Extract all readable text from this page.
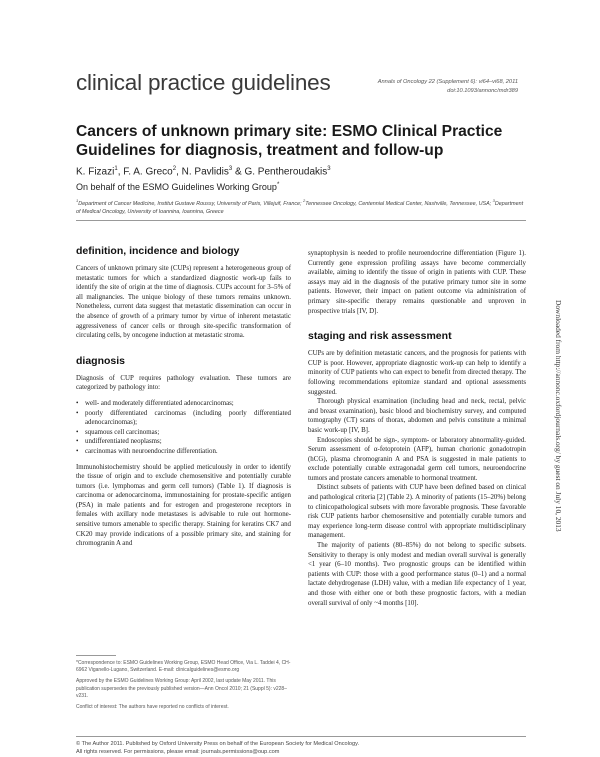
clinical practice guidelines	Annals of Oncology 22 (Supplement 6): vi64–vi68, 2011
doi:10.1093/annonc/mdr389
Cancers of unknown primary site: ESMO Clinical Practice Guidelines for diagnosis, treatment and follow-up
K. Fizazi$^1$, F. A. Greco$^2$, N. Pavlidis$^3$ & G. Pentheroudakis$^3$
On behalf of the ESMO Guidelines Working Group*
$^1$Department of Cancer Medicine, Institut Gustave Roussy, University of Paris, Villejuif, France; $^2$Tennessee Oncology, Centennial Medical Center, Nashville, Tennessee, USA; $^3$Department of Medical Oncology, University of Ioannina, Ioannina, Greece
definition, incidence and biology

Cancers of unknown primary site (CUPs) represent a heterogeneous group of metastatic tumors for which a standardized diagnostic work-up fails to identify the site of origin at the time of diagnosis. CUPs account for 3–5% of all malignancies. The unique biology of these tumors remains unknown. Nonetheless, current data suggest that metastatic dissemination can occur in the absence of growth of a primary tumor by virtue of inherent metastatic aggressiveness of cancer cells or through site-specific transformation of circulating cells, by oncogene induction at metastatic stroma.

diagnosis

Diagnosis of CUP requires pathology evaluation. These tumors are categorized by pathology into:

• well- and moderately differentiated adenocarcinomas;
• poorly differentiated carcinomas (including poorly differentiated adenocarcinomas);
• squamous cell carcinomas;
• undifferentiated neoplasms;
• carcinomas with neuroendocrine differentiation.

Immunohistochemistry should be applied meticulously in order to identify the tissue of origin and to exclude chemosensitive and potentially curable tumors (i.e. lymphomas and germ cell tumors) (Table 1). If diagnosis is carcinoma or adenocarcinoma, immunostaining for prostate-specific antigen (PSA) in male patients and for estrogen and progesterone receptors in females with axillary node metastases is advisable to rule out hormone-sensitive tumors amenable to specific therapy. Staining for keratins CK7 and CK20 may provide indications of a possible primary site, and staining for chromogranin A and

*Correspondence to: ESMO Guidelines Working Group, ESMO Head Office, Via L. Taddei 4, CH-6962 Viganello-Lugano, Switzerland. E-mail: clinicalguidelines@esmo.org

Approved by the ESMO Guidelines Working Group: April 2002, last update May 2011. This publication supersedes the previously published version—Ann Oncol 2010; 21 (Suppl 5): v228–v231.

Conflict of interest: The authors have reported no conflicts of interest.

synaptophysin is needed to profile neuroendocrine differentiation (Figure 1). Currently gene expression profiling assays have become commercially available, aiming to identify the tissue of origin in patients with CUP. These assays may aid in the diagnosis of the putative primary tumor site in some patients. However, their impact on patient outcome via administration of primary site-specific therapy remains questionable and unproven in prospective trials [IV, D].

staging and risk assessment

CUPs are by definition metastatic cancers, and the prognosis for patients with CUP is poor. However, appropriate diagnostic work-up can help to identify a minority of CUP patients who can expect to benefit from directed therapy. The following recommendations epitomize standard and optional assessments suggested.

Thorough physical examination (including head and neck, rectal, pelvic and breast examination), basic blood and biochemistry survey, and computed tomography (CT) scans of thorax, abdomen and pelvis constitute a minimal basic work-up [IV, B].

Endoscopies should be sign-, symptom- or laboratory abnormality-guided. Serum assessment of α-fetoprotein (AFP), human chorionic gonadotropin (hCG), plasma chromogranin A and PSA is suggested in male patients to exclude potentially curable extragonadal germ cell tumors, neuroendocrine tumors and prostate cancers amenable to hormonal treatment.

Distinct subsets of patients with CUP have been defined based on clinical and pathological criteria [2] (Table 2). A minority of patients (15–20%) belong to clinicopathological subsets with more favorable prognosis. These favorable risk CUP patients harbor chemosensitive and potentially curable tumors and may experience long-term disease control with appropriate multidisciplinary management.

The majority of patients (80–85%) do not belong to specific subsets. Sensitivity to therapy is only modest and median overall survival is generally <1 year (6–10 months). Two prognostic groups can be identified within patients with CUP: those with a good performance status (0–1) and a normal lactate dehydrogenase (LDH) value, with a median life expectancy of 1 year, and those with either one or both these prognostic factors, with a median overall survival of only ~4 months [10].

© The Author 2011. Published by Oxford University Press on behalf of the European Society for Medical Oncology.
All rights reserved. For permissions, please email: journals.permissions@oup.com
Downloaded from http://annonc.oxfordjournals.org/ by guest on July 10, 2013
